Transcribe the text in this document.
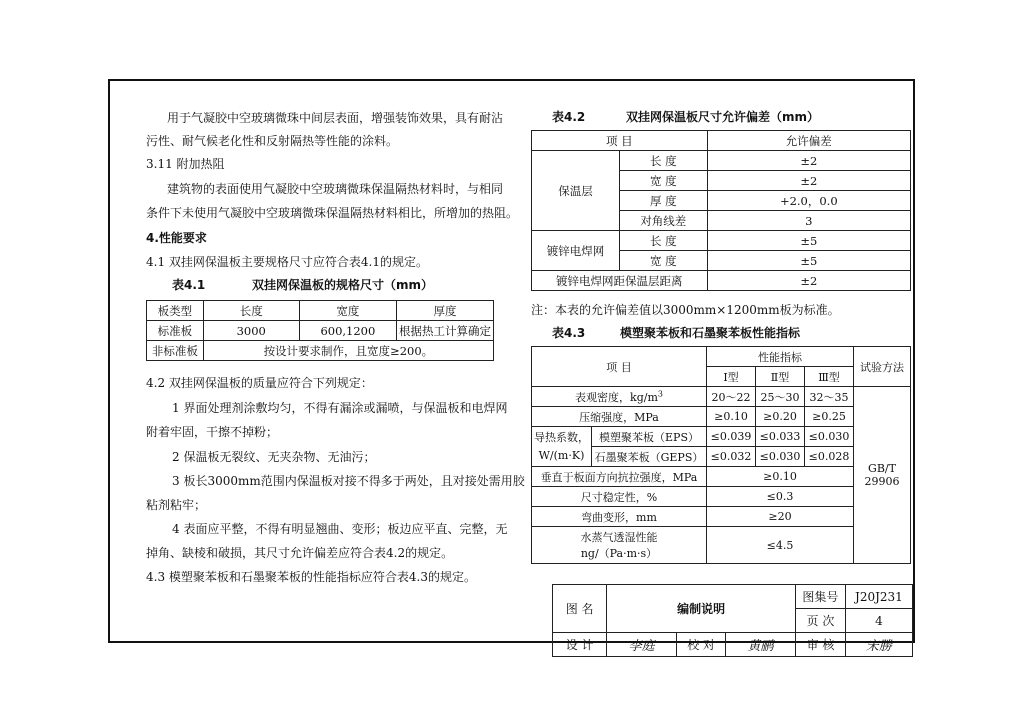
用于气凝胶中空玻璃微珠中间层表面，增强装饰效果，具有耐沾
污性、耐气候老化性和反射隔热等性能的涂料。
3.11 附加热阻
建筑物的表面使用气凝胶中空玻璃微珠保温隔热材料时，与相同
条件下未使用气凝胶中空玻璃微珠保温隔热材料相比，所增加的热阻。
4.性能要求
4.1 双挂网保温板主要规格尺寸应符合表4.1的规定。
表4.1	双挂网保温板的规格尺寸（mm）
板类型	长度	宽度	厚度
标准板	3000	600,1200	根据热工计算确定
非标准板	按设计要求制作，且宽度≥200。		
4.2 双挂网保温板的质量应符合下列规定：
1 界面处理剂涂敷均匀，不得有漏涂或漏喷，与保温板和电焊网
附着牢固，干擦不掉粉；
2 保温板无裂纹、无夹杂物、无油污；
3 板长3000mm范围内保温板对接不得多于两处，且对接处需用胶
粘剂粘牢；
4 表面应平整，不得有明显翘曲、变形；板边应平直、完整，无
掉角、缺棱和破损，其尺寸允许偏差应符合表4.2的规定。
4.3 模塑聚苯板和石墨聚苯板的性能指标应符合表4.3的规定。
表4.2	双挂网保温板尺寸允许偏差（mm）
项 目		允许偏差
保温层	长 度	±2
	宽 度	±2
	厚 度	+2.0，0.0
	对角线差	3
镀锌电焊网	长 度	±5
	宽 度	±5
镀锌电焊网距保温层距离		±2
注：本表的允许偏差值以3000mm×1200mm板为标准。
表4.3	模塑聚苯板和石墨聚苯板性能指标
项 目		性能指标			试验方法
		Ⅰ型	Ⅱ型	Ⅲ型	
表观密度，$kg/m^3$		20～22	25～30	32～35	GB/T
29906

压缩强度，MPa		≥0.10	≥0.20	≥0.25	

导热系数，
W/(m·K)	模塑聚苯板（EPS）	≤0.039	≤0.033	≤0.030	
	石墨聚苯板（GEPS）	≤0.032	≤0.030	≤0.028	
垂直于板面方向抗拉强度，MPa		≥0.10			
尺寸稳定性，%		≤0.3			
弯曲变形，mm		≥20			

水蒸气透湿性能
ng/（Pa·m·s）		≤4.5			
图 名	编制说明			图集号	J20J231
				页 次	4
设 计	李庭	校 对	黄鹂	审 核	宋勝
